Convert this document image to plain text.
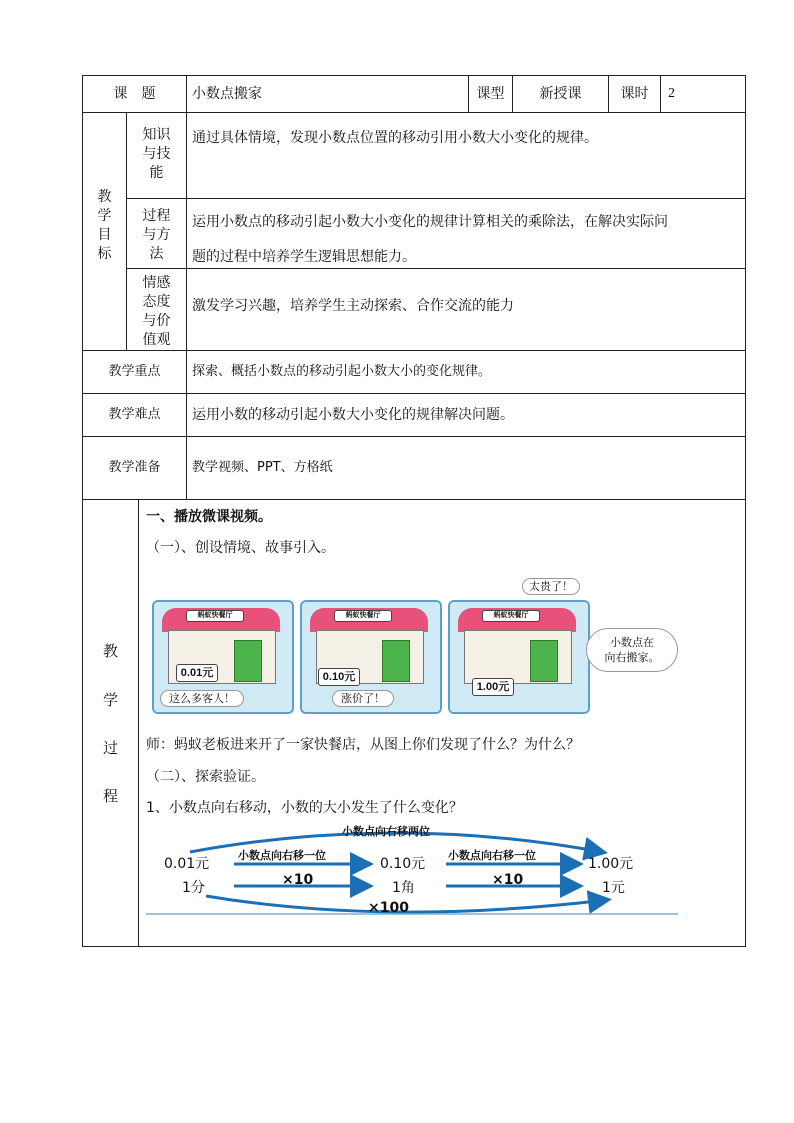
课　题	小数点搬家	课型	新授课	课时	2
教
学
目
标
知识
与技
能
通过具体情境，发现小数点位置的移动引用小数大小变化的规律。
过程
与方
法
运用小数点的移动引起小数大小变化的规律计算相关的乘除法，在解决实际问
题的过程中培养学生逻辑思想能力。
情感
态度
与价
值观
激发学习兴趣，培养学生主动探索、合作交流的能力
教学重点	探索、概括小数点的移动引起小数大小的变化规律。
教学难点	运用小数的移动引起小数大小变化的规律解决问题。
教学准备	教学视频、PPT、方格纸
教
学
过
程
一、播放微课视频。
（一）、创设情境、故事引入。
蚂蚁快餐厅
0.01元
这么多客人！
蚂蚁快餐厅
0.10元
涨价了！
蚂蚁快餐厅
1.00元
太贵了！
小数点在
向右搬家。
师：蚂蚁老板进来开了一家快餐店，从图上你们发现了什么？为什么？
（二）、探索验证。
1、小数点向右移动，小数的大小发生了什么变化？
小数点向右移两位
小数点向右移一位	小数点向右移一位
0.01元	0.10元	1.00元
1分	1角	1元
×10	×10
×100
